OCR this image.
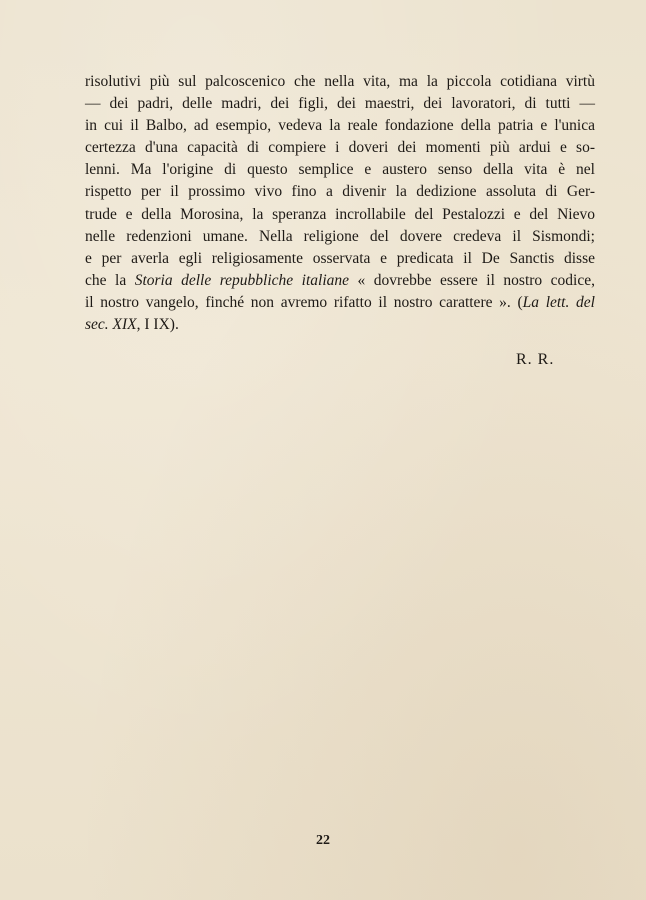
risolutivi più sul palcoscenico che nella vita, ma la piccola cotidiana virtù
— dei padri, delle madri, dei figli, dei maestri, dei lavoratori, di tutti —
in cui il Balbo, ad esempio, vedeva la reale fondazione della patria e l'unica
certezza d'una capacità di compiere i doveri dei momenti più ardui e so-
lenni. Ma l'origine di questo semplice e austero senso della vita è nel
rispetto per il prossimo vivo fino a divenir la dedizione assoluta di Ger-
trude e della Morosina, la speranza incrollabile del Pestalozzi e del Nievo
nelle redenzioni umane. Nella religione del dovere credeva il Sismondi;
e per averla egli religiosamente osservata e predicata il De Sanctis disse
che la Storia delle repubbliche italiane « dovrebbe essere il nostro codice,
il nostro vangelo, finché non avremo rifatto il nostro carattere ». (La lett. del
sec. XIX, I IX).
R. R.
22
